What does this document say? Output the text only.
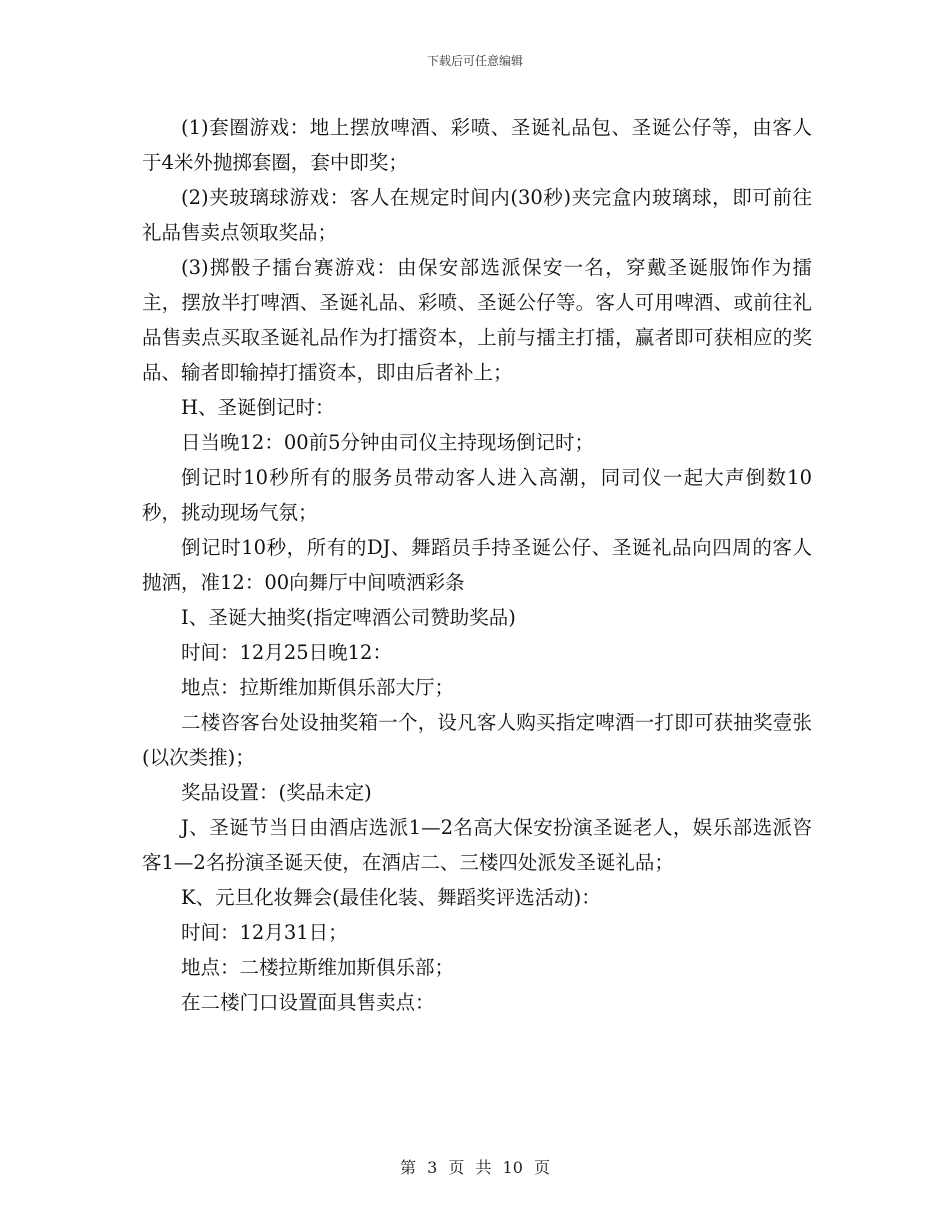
下载后可任意编辑

(1)套圈游戏：地上摆放啤酒、彩喷、圣诞礼品包、圣诞公仔等，由客人于4米外抛掷套圈，套中即奖；

(2)夹玻璃球游戏：客人在规定时间内(30秒)夹完盒内玻璃球，即可前往礼品售卖点领取奖品；

(3)掷骰子擂台赛游戏：由保安部选派保安一名，穿戴圣诞服饰作为擂主，摆放半打啤酒、圣诞礼品、彩喷、圣诞公仔等。客人可用啤酒、或前往礼品售卖点买取圣诞礼品作为打擂资本，上前与擂主打擂，赢者即可获相应的奖品、输者即输掉打擂资本，即由后者补上；

H、圣诞倒记时：

日当晚12：00前5分钟由司仪主持现场倒记时；

倒记时10秒所有的服务员带动客人进入高潮，同司仪一起大声倒数10秒，挑动现场气氛；

倒记时10秒，所有的DJ、舞蹈员手持圣诞公仔、圣诞礼品向四周的客人抛洒，准12：00向舞厅中间喷洒彩条

I、圣诞大抽奖(指定啤酒公司赞助奖品)

时间：12月25日晚12：

地点：拉斯维加斯俱乐部大厅；

二楼咨客台处设抽奖箱一个，设凡客人购买指定啤酒一打即可获抽奖壹张(以次类推)；

奖品设置：(奖品未定)

J、圣诞节当日由酒店选派1—2名高大保安扮演圣诞老人，娱乐部选派咨客1—2名扮演圣诞天使，在酒店二、三楼四处派发圣诞礼品；

K、元旦化妆舞会(最佳化装、舞蹈奖评选活动)：

时间：12月31日；

地点：二楼拉斯维加斯俱乐部；

在二楼门口设置面具售卖点：

第 3 页 共 10 页
